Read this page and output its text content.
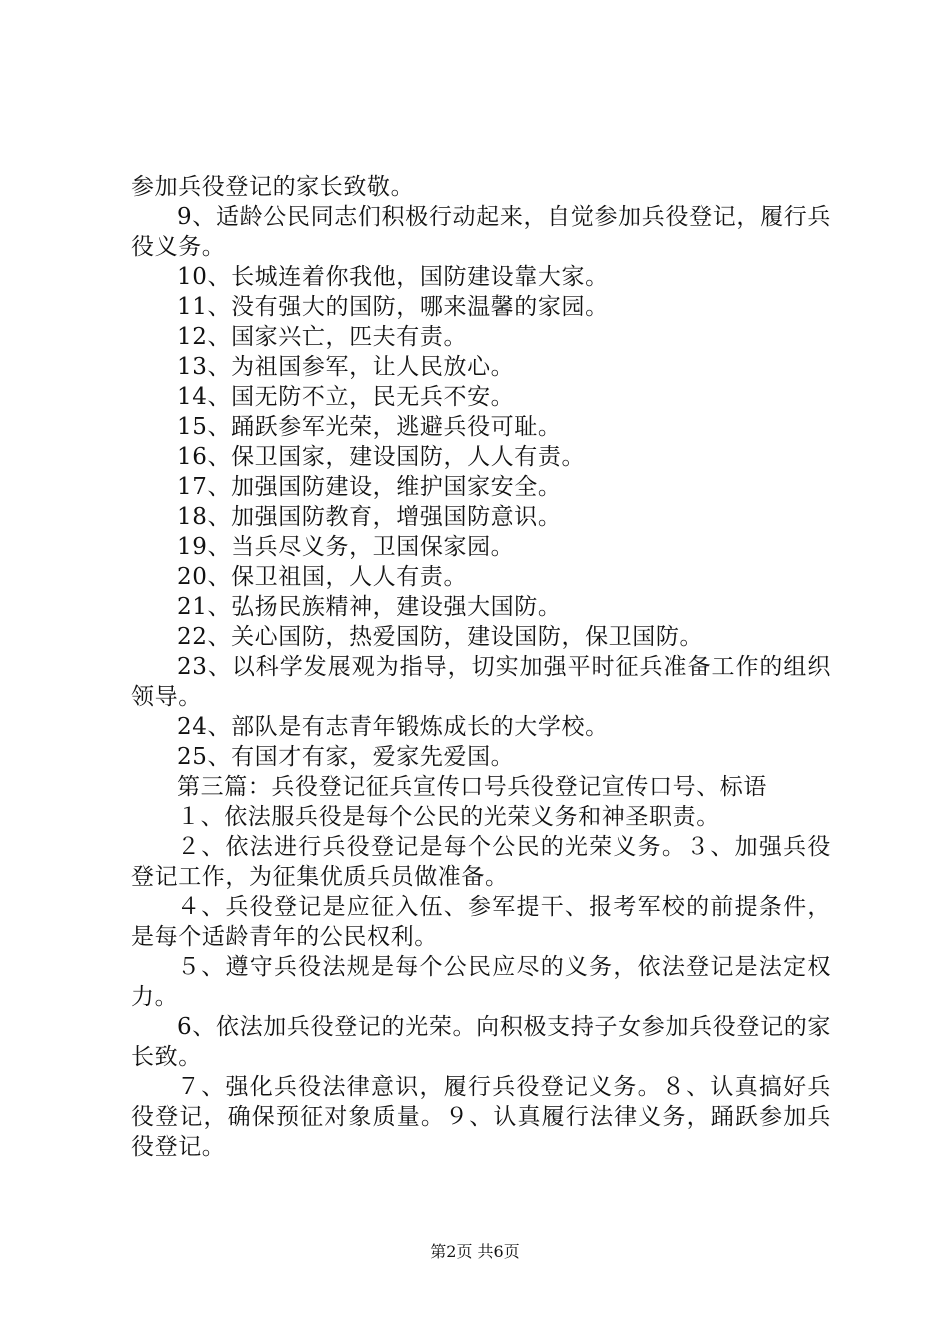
参加兵役登记的家长致敬。

9、适龄公民同志们积极行动起来，自觉参加兵役登记，履行兵役义务。

10、长城连着你我他，国防建设靠大家。

11、没有强大的国防，哪来温馨的家园。

12、国家兴亡，匹夫有责。

13、为祖国参军，让人民放心。

14、国无防不立，民无兵不安。

15、踊跃参军光荣，逃避兵役可耻。

16、保卫国家，建设国防，人人有责。

17、加强国防建设，维护国家安全。

18、加强国防教育，增强国防意识。

19、当兵尽义务，卫国保家园。

20、保卫祖国，人人有责。

21、弘扬民族精神，建设强大国防。

22、关心国防，热爱国防，建设国防，保卫国防。

23、以科学发展观为指导，切实加强平时征兵准备工作的组织领导。

24、部队是有志青年锻炼成长的大学校。

25、有国才有家，爱家先爱国。

第三篇：兵役登记征兵宣传口号兵役登记宣传口号、标语

１、依法服兵役是每个公民的光荣义务和神圣职责。

２、依法进行兵役登记是每个公民的光荣义务。３、加强兵役登记工作，为征集优质兵员做准备。

４、兵役登记是应征入伍、参军提干、报考军校的前提条件，是每个适龄青年的公民权利。

５、遵守兵役法规是每个公民应尽的义务，依法登记是法定权力。

6、依法加兵役登记的光荣。向积极支持子女参加兵役登记的家长致。

７、强化兵役法律意识，履行兵役登记义务。８、认真搞好兵役登记，确保预征对象质量。９、认真履行法律义务，踊跃参加兵役登记。

第2页 共6页
